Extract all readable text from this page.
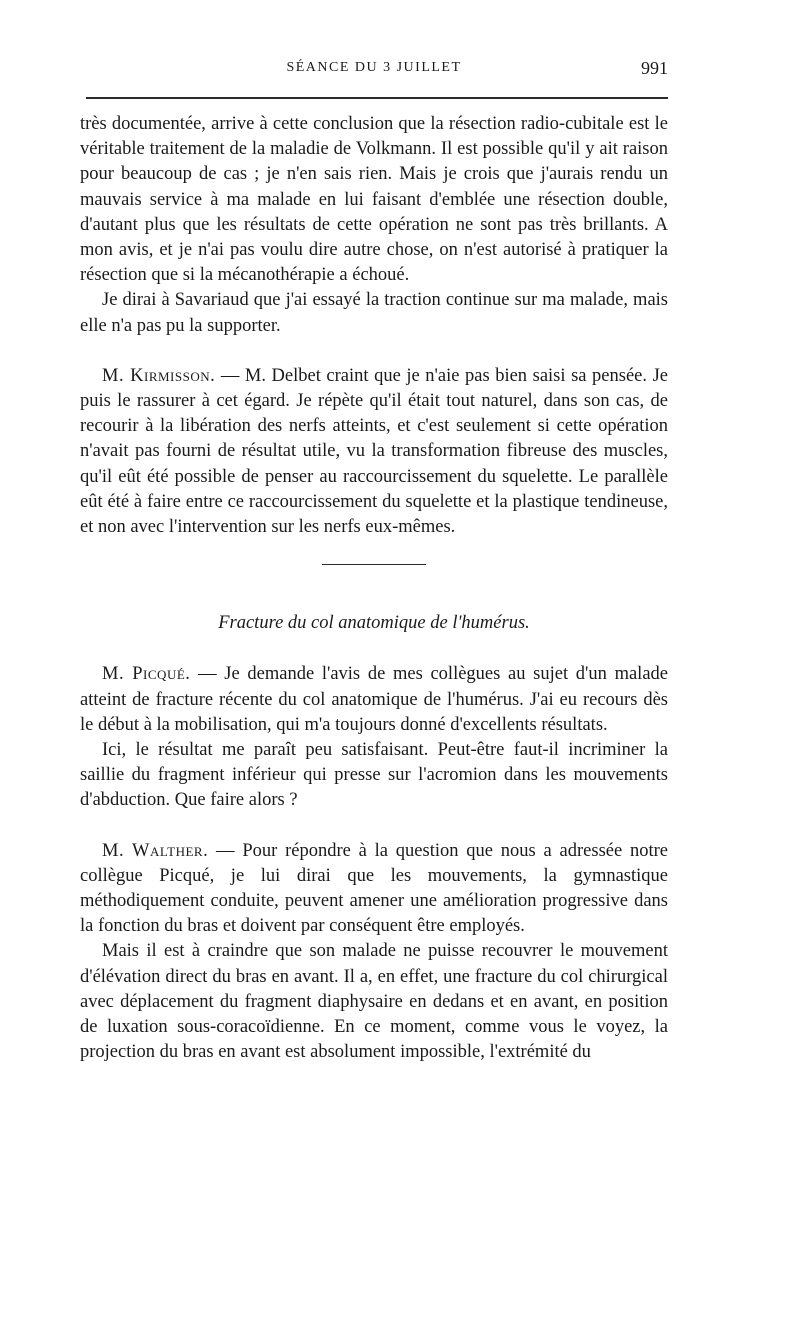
SÉANCE DU 3 JUILLET	991

très documentée, arrive à cette conclusion que la résection radio-cubitale est le véritable traitement de la maladie de Volkmann. Il est possible qu'il y ait raison pour beaucoup de cas ; je n'en sais rien. Mais je crois que j'aurais rendu un mauvais service à ma malade en lui faisant d'emblée une résection double, d'autant plus que les résultats de cette opération ne sont pas très brillants. A mon avis, et je n'ai pas voulu dire autre chose, on n'est autorisé à pratiquer la résection que si la mécanothérapie a échoué.

Je dirai à Savariaud que j'ai essayé la traction continue sur ma malade, mais elle n'a pas pu la supporter.

M. Kirmisson. — M. Delbet craint que je n'aie pas bien saisi sa pensée. Je puis le rassurer à cet égard. Je répète qu'il était tout naturel, dans son cas, de recourir à la libération des nerfs atteints, et c'est seulement si cette opération n'avait pas fourni de résultat utile, vu la transformation fibreuse des muscles, qu'il eût été possible de penser au raccourcissement du squelette. Le parallèle eût été à faire entre ce raccourcissement du squelette et la plastique tendineuse, et non avec l'intervention sur les nerfs eux-mêmes.

Fracture du col anatomique de l'humérus.

M. Picqué. — Je demande l'avis de mes collègues au sujet d'un malade atteint de fracture récente du col anatomique de l'humérus. J'ai eu recours dès le début à la mobilisation, qui m'a toujours donné d'excellents résultats.

Ici, le résultat me paraît peu satisfaisant. Peut-être faut-il incriminer la saillie du fragment inférieur qui presse sur l'acromion dans les mouvements d'abduction. Que faire alors ?

M. Walther. — Pour répondre à la question que nous a adressée notre collègue Picqué, je lui dirai que les mouvements, la gymnastique méthodiquement conduite, peuvent amener une amélioration progressive dans la fonction du bras et doivent par conséquent être employés.

Mais il est à craindre que son malade ne puisse recouvrer le mouvement d'élévation direct du bras en avant. Il a, en effet, une fracture du col chirurgical avec déplacement du fragment diaphysaire en dedans et en avant, en position de luxation sous-coracoïdienne. En ce moment, comme vous le voyez, la projection du bras en avant est absolument impossible, l'extrémité du
